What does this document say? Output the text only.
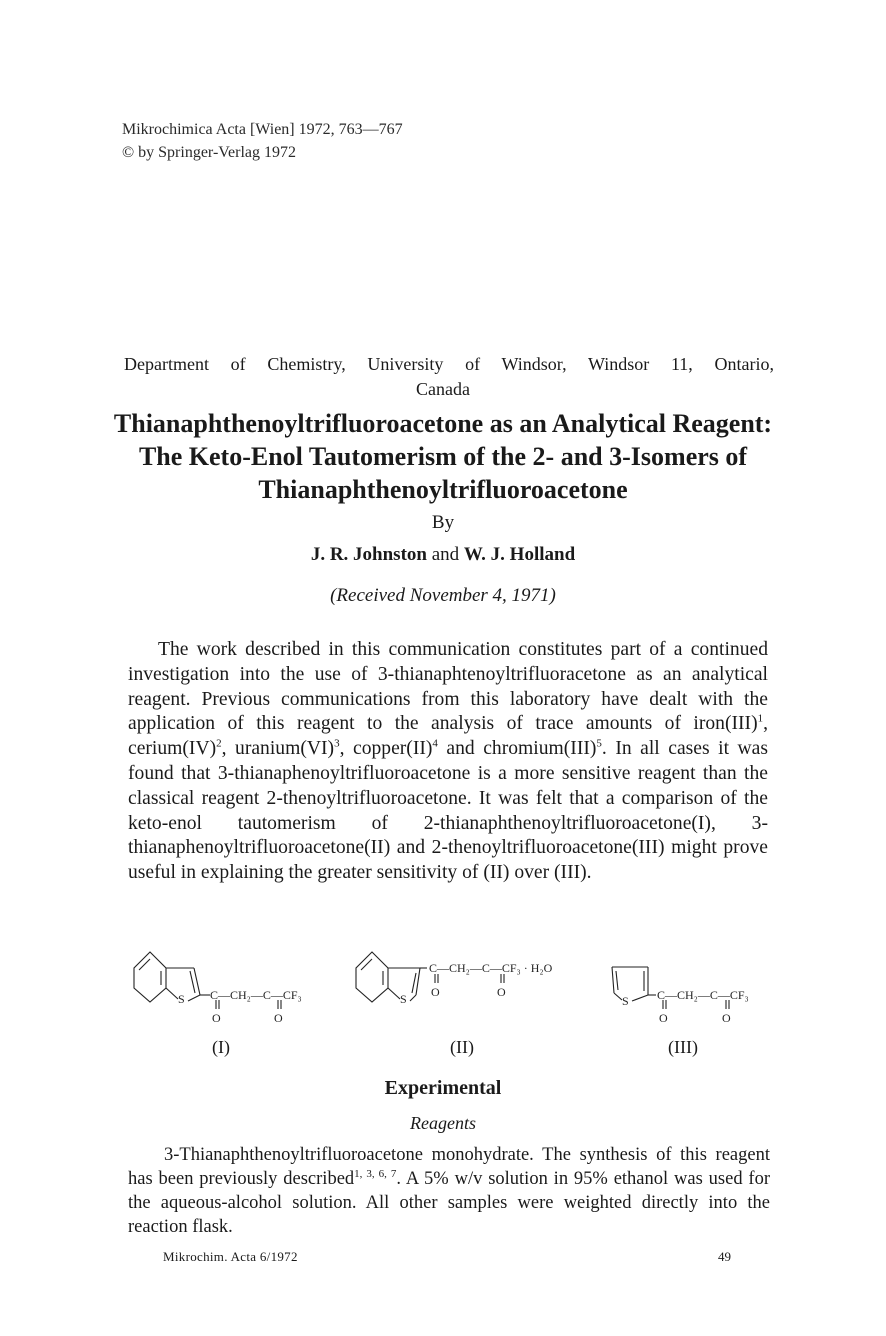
Mikrochimica Acta [Wien] 1972, 763—767
© by Springer-Verlag 1972
Department of Chemistry, University of Windsor, Windsor 11, Ontario,
Canada
Thianaphthenoyltrifluoroacetone as an Analytical Reagent:
The Keto-Enol Tautomerism of the 2- and 3-Isomers of
Thianaphthenoyltrifluoroacetone
By
J. R. Johnston and W. J. Holland
(Received November 4, 1971)
The work described in this communication constitutes part of a continued investigation into the use of 3-thianaphtenoyltrifluoracetone as an analytical reagent. Previous communications from this laboratory have dealt with the application of this reagent to the analysis of trace amounts of iron(III)$^1$, cerium(IV)$^2$, uranium(VI)$^3$, copper(II)$^4$ and chromium(III)$^5$. In all cases it was found that 3-thianaphenoyltrifluoroacetone is a more sensitive reagent than the classical reagent 2-thenoyltrifluoroacetone. It was felt that a comparison of the keto-enol tautomerism of 2-thianaphthenoyltrifluoroacetone(I), 3-thianaphenoyltrifluoroacetone(II) and 2-thenoyltrifluoroacetone(III) might prove useful in explaining the greater sensitivity of (II) over (III).
S C—CH₂—C—CF₃
O	O
(I)
S
C—CH₂—C—CF₃ · H₂O
O	O
(II)
S C—CH₂—C—CF₃
O	O
(III)
Experimental
Reagents
3-Thianaphthenoyltrifluoroacetone monohydrate. The synthesis of this reagent has been previously described$^{1, 3, 6, 7}$. A 5% w/v solution in 95% ethanol was used for the aqueous-alcohol solution. All other samples were weighted directly into the reaction flask.
Mikrochim. Acta 6/1972	49
